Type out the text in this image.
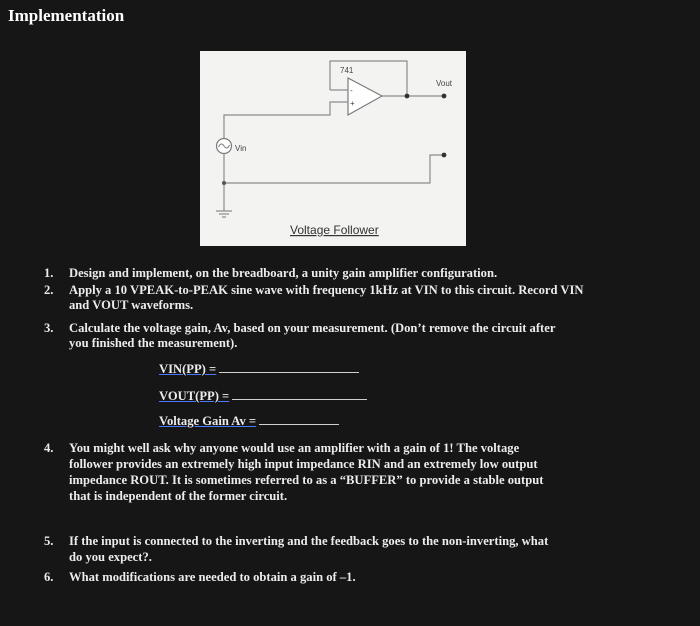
Implementation
741
Vout
Vin
-
+
Voltage Follower
1. Design and implement, on the breadboard, a unity gain amplifier configuration.
2. Apply a 10 VPEAK-to-PEAK sine wave with frequency 1kHz at VIN to this circuit. Record VIN
and VOUT waveforms.
3. Calculate the voltage gain, Av, based on your measurement. (Don’t remove the circuit after
you finished the measurement).
VIN(PP) =
VOUT(PP) =
Voltage Gain Av =
4. You might well ask why anyone would use an amplifier with a gain of 1! The voltage
follower provides an extremely high input impedance RIN and an extremely low output
impedance ROUT. It is sometimes referred to as a “BUFFER” to provide a stable output
that is independent of the former circuit.
5. If the input is connected to the inverting and the feedback goes to the non-inverting, what
do you expect?.
6. What modifications are needed to obtain a gain of –1.
